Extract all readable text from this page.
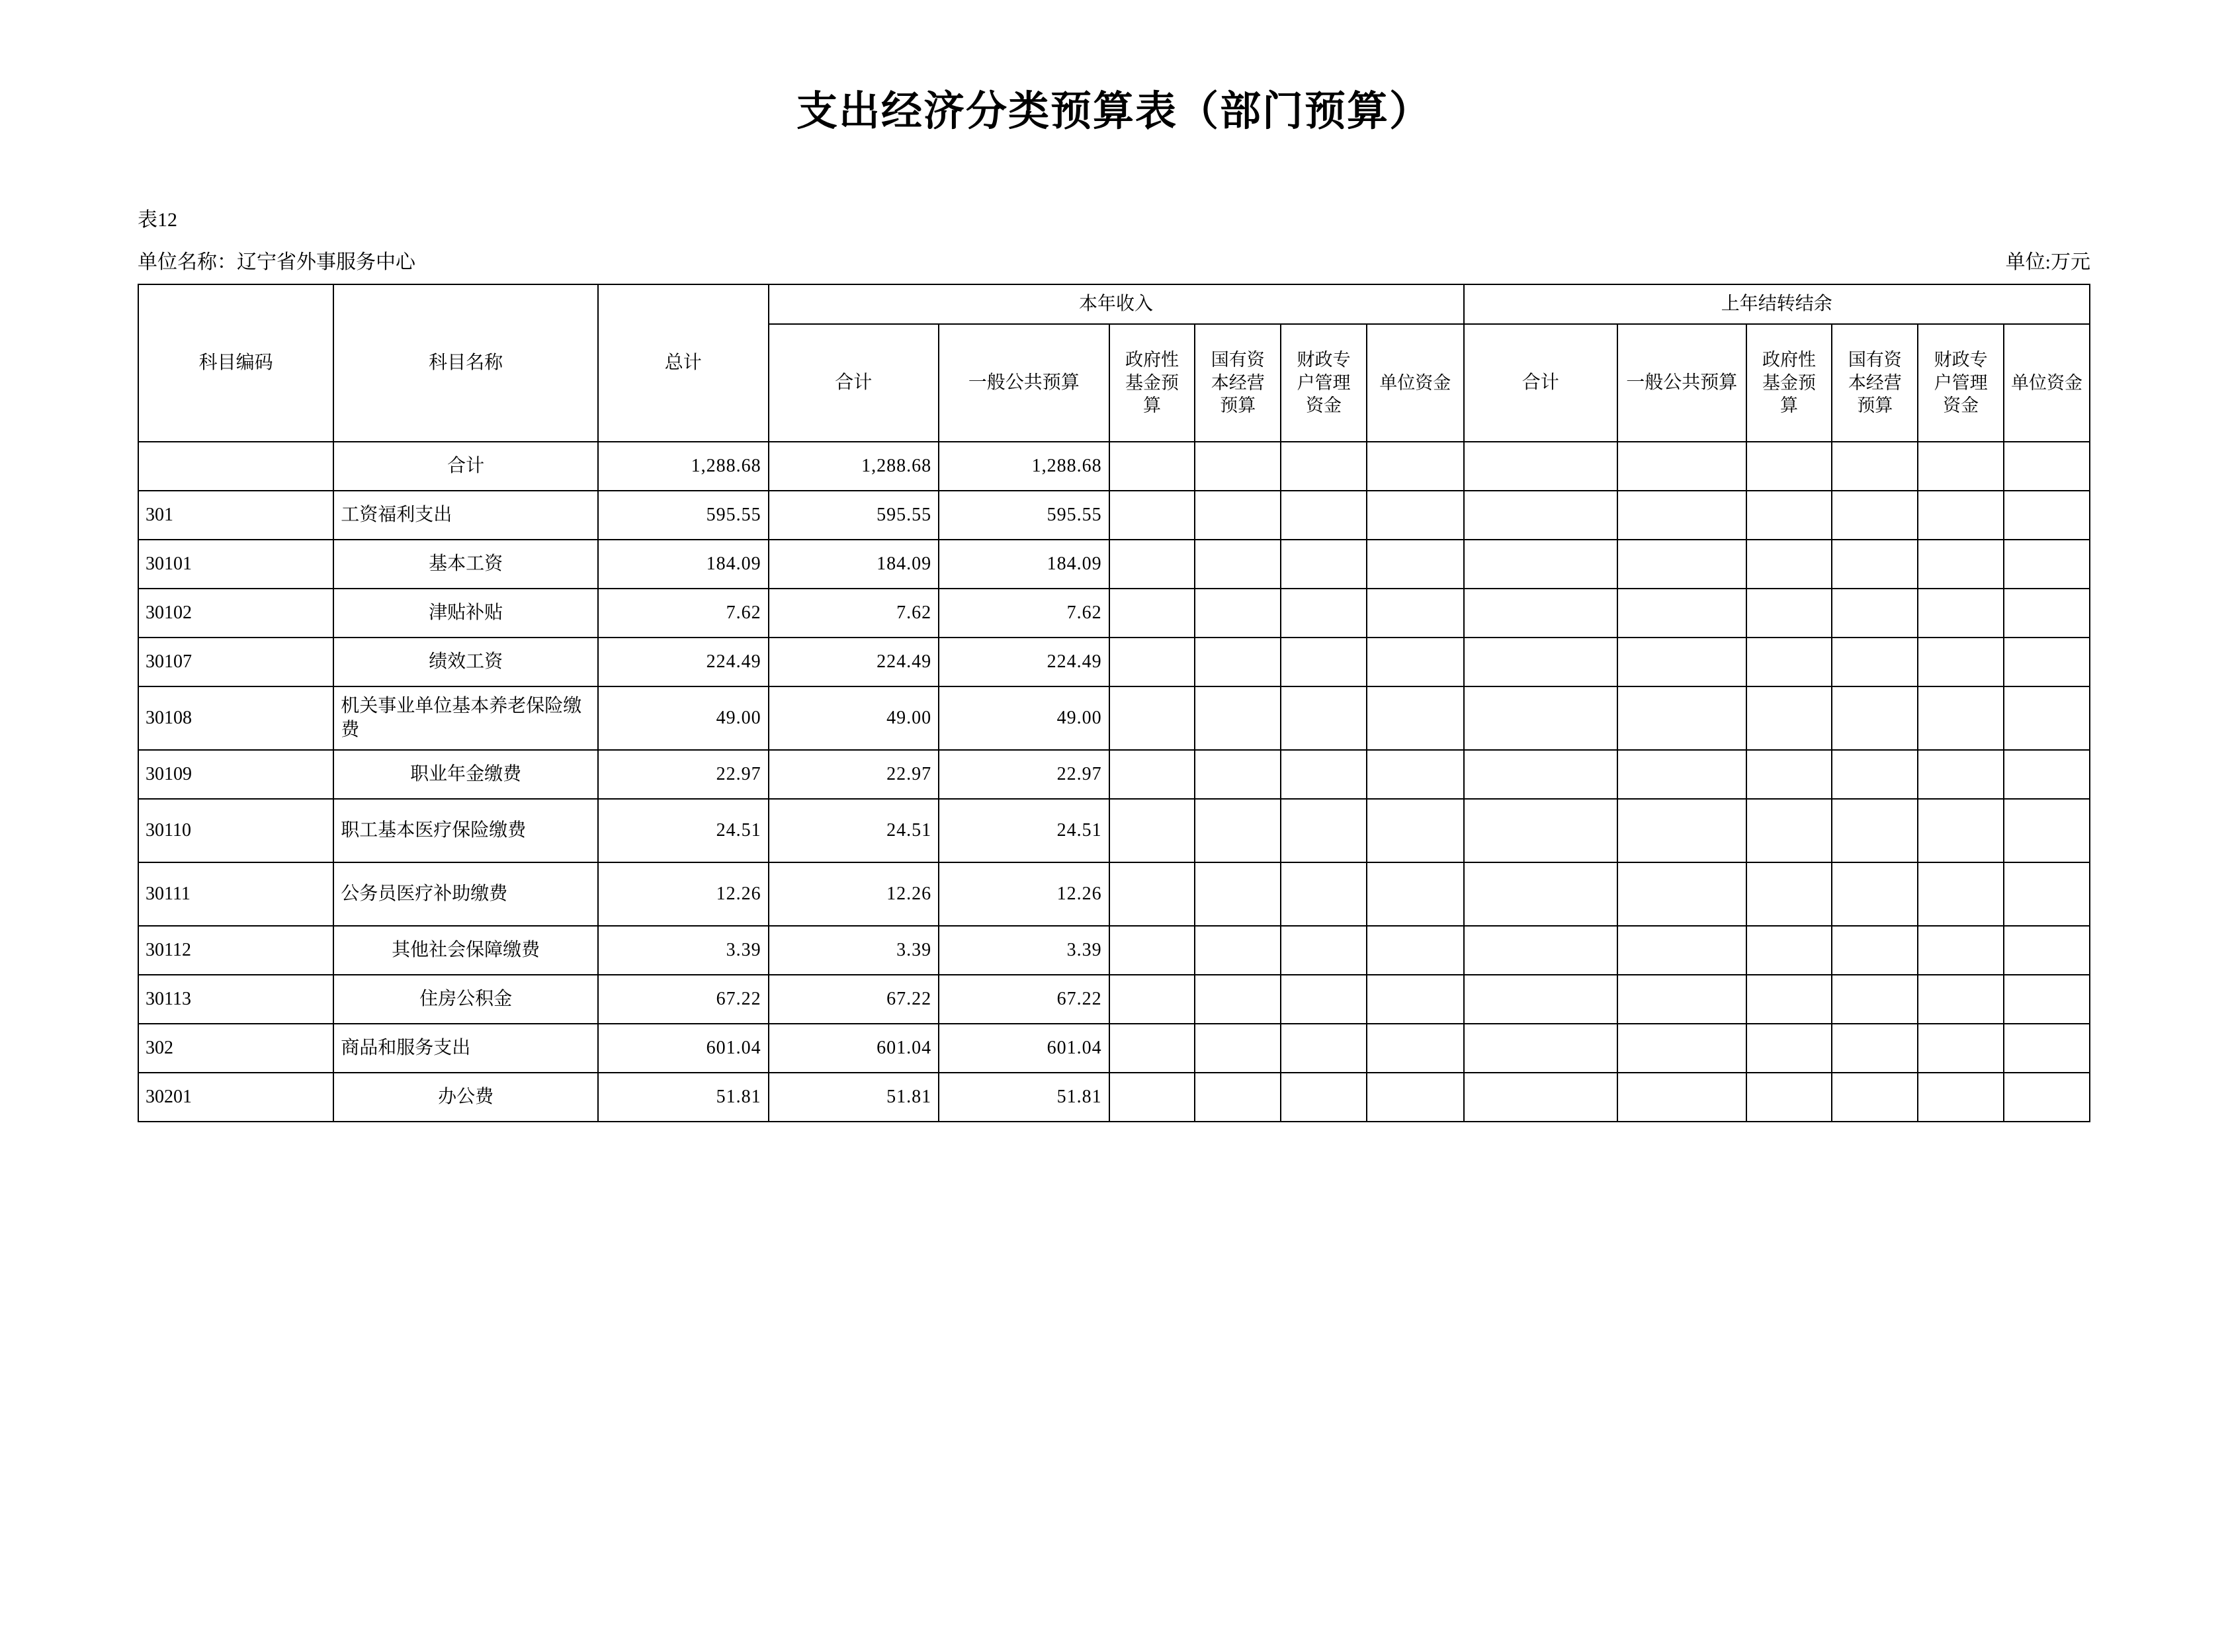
支出经济分类预算表（部门预算）
表12
单位名称：辽宁省外事服务中心	单位:万元
科目编码	科目名称	总计	本年收入						上年结转结余					
			合计	一般公共预算	政府性基金预算	国有资本经营预算	财政专户管理资金	单位资金	合计	一般公共预算	政府性基金预算	国有资本经营预算	财政专户管理资金	单位资金
	合计	1,288.68	1,288.68	1,288.68										
301	工资福利支出	595.55	595.55	595.55										
30101	基本工资	184.09	184.09	184.09										
30102	津贴补贴	7.62	7.62	7.62										
30107	绩效工资	224.49	224.49	224.49										
30108	机关事业单位基本养老保险缴费	49.00	49.00	49.00										
30109	职业年金缴费	22.97	22.97	22.97										
30110	职工基本医疗保险缴费	24.51	24.51	24.51										
30111	公务员医疗补助缴费	12.26	12.26	12.26										
30112	其他社会保障缴费	3.39	3.39	3.39										
30113	住房公积金	67.22	67.22	67.22										
302	商品和服务支出	601.04	601.04	601.04										
30201	办公费	51.81	51.81	51.81										
